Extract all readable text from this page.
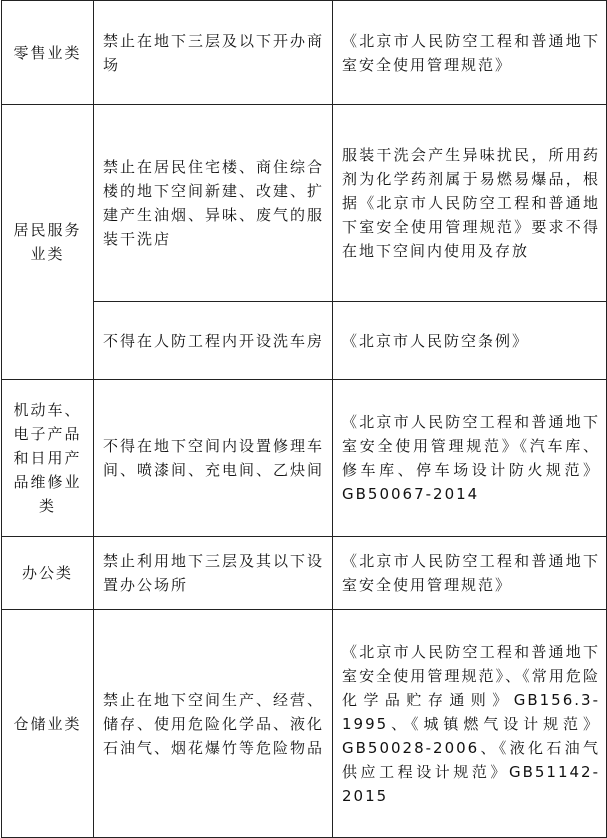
零售业类	禁止在地下三层及以下开办商场	《北京市人民防空工程和普通地下室安全使用管理规范》
居民服务业类	禁止在居民住宅楼、商住综合楼的地下空间新建、改建、扩建产生油烟、异味、废气的服装干洗店	服装干洗会产生异味扰民，所用药剂为化学药剂属于易燃易爆品，根据《北京市人民防空工程和普通地下室安全使用管理规范》要求不得在地下空间内使用及存放
	不得在人防工程内开设洗车房	《北京市人民防空条例》
机动车、电子产品和日用产品维修业类	不得在地下空间内设置修理车间、喷漆间、充电间、乙炔间	《北京市人民防空工程和普通地下室安全使用管理规范》《汽车库、修车库、停车场设计防火规范》GB50067-2014
办公类	禁止利用地下三层及其以下设置办公场所	《北京市人民防空工程和普通地下室安全使用管理规范》
仓储业类	禁止在地下空间生产、经营、储存、使用危险化学品、液化石油气、烟花爆竹等危险物品	《北京市人民防空工程和普通地下室安全使用管理规范》、《常用危险化学品贮存通则》GB156.3-1995、《城镇燃气设计规范》GB50028-2006、《液化石油气供应工程设计规范》GB51142-2015
